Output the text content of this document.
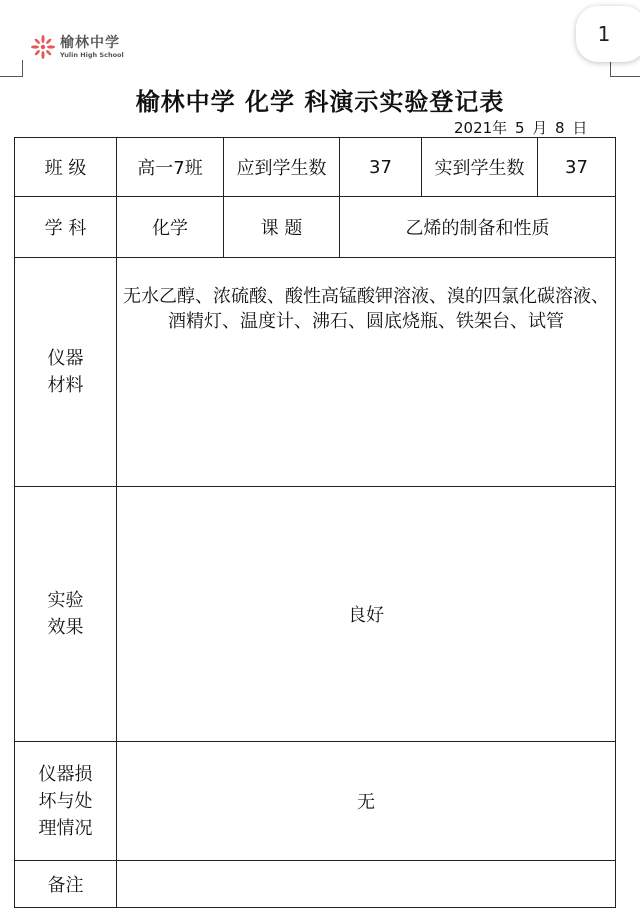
榆林中学
Yulin High School
1
榆林中学 化学 科演示实验登记表
2021年 5 月 8 日
班 级	高一7班	应到学生数	37	实到学生数	37
学 科	化学	课 题	乙烯的制备和性质		
仪器
材料	无水乙醇、浓硫酸、酸性高锰酸钾溶液、溴的四氯化碳溶液、酒精灯、温度计、沸石、圆底烧瓶、铁架台、试管				
实验
效果	良好				
仪器损
坏与处
理情况	无				
备注					
